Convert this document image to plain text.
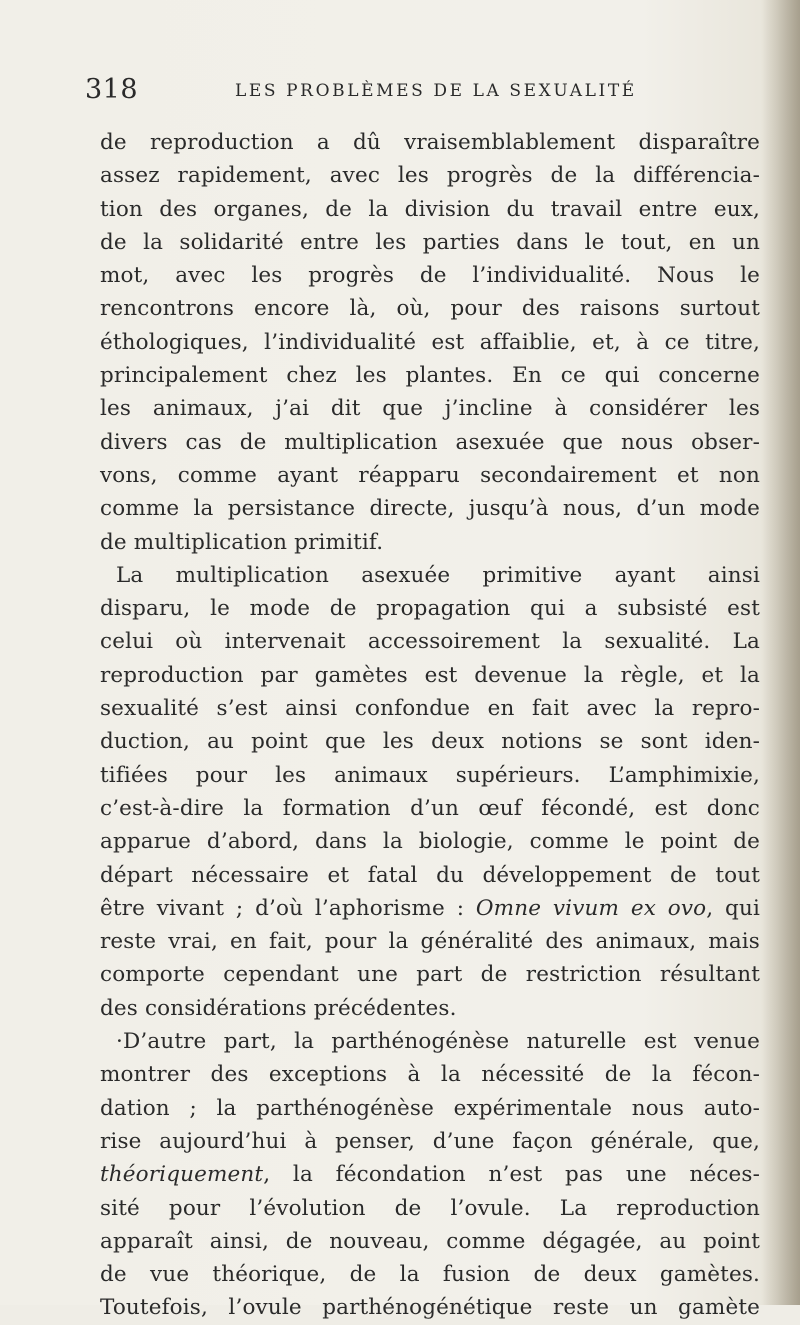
318	LES PROBLÈMES DE LA SEXUALITÉ
de reproduction a dû vraisemblablement disparaître
assez rapidement, avec les progrès de la différencia-
tion des organes, de la division du travail entre eux,
de la solidarité entre les parties dans le tout, en un
mot, avec les progrès de l’individualité. Nous le
rencontrons encore là, où, pour des raisons surtout
éthologiques, l’individualité est affaiblie, et, à ce titre,
principalement chez les plantes. En ce qui concerne
les animaux, j’ai dit que j’incline à considérer les
divers cas de multiplication asexuée que nous obser-
vons, comme ayant réapparu secondairement et non
comme la persistance directe, jusqu’à nous, d’un mode
de multiplication primitif.
La multiplication asexuée primitive ayant ainsi
disparu, le mode de propagation qui a subsisté est
celui où intervenait accessoirement la sexualité. La
reproduction par gamètes est devenue la règle, et la
sexualité s’est ainsi confondue en fait avec la repro-
duction, au point que les deux notions se sont iden-
tifiées pour les animaux supérieurs. L’amphimixie,
c’est-à-dire la formation d’un œuf fécondé, est donc
apparue d’abord, dans la biologie, comme le point de
départ nécessaire et fatal du développement de tout
être vivant ; d’où l’aphorisme : Omne vivum ex ovo, qui
reste vrai, en fait, pour la généralité des animaux, mais
comporte cependant une part de restriction résultant
des considérations précédentes.
·D’autre part, la parthénogénèse naturelle est venue
montrer des exceptions à la nécessité de la fécon-
dation ; la parthénogénèse expérimentale nous auto-
rise aujourd’hui à penser, d’une façon générale, que,
théoriquement, la fécondation n’est pas une néces-
sité pour l’évolution de l’ovule. La reproduction
apparaît ainsi, de nouveau, comme dégagée, au point
de vue théorique, de la fusion de deux gamètes.
Toutefois, l’ovule parthénogénétique reste un gamète
